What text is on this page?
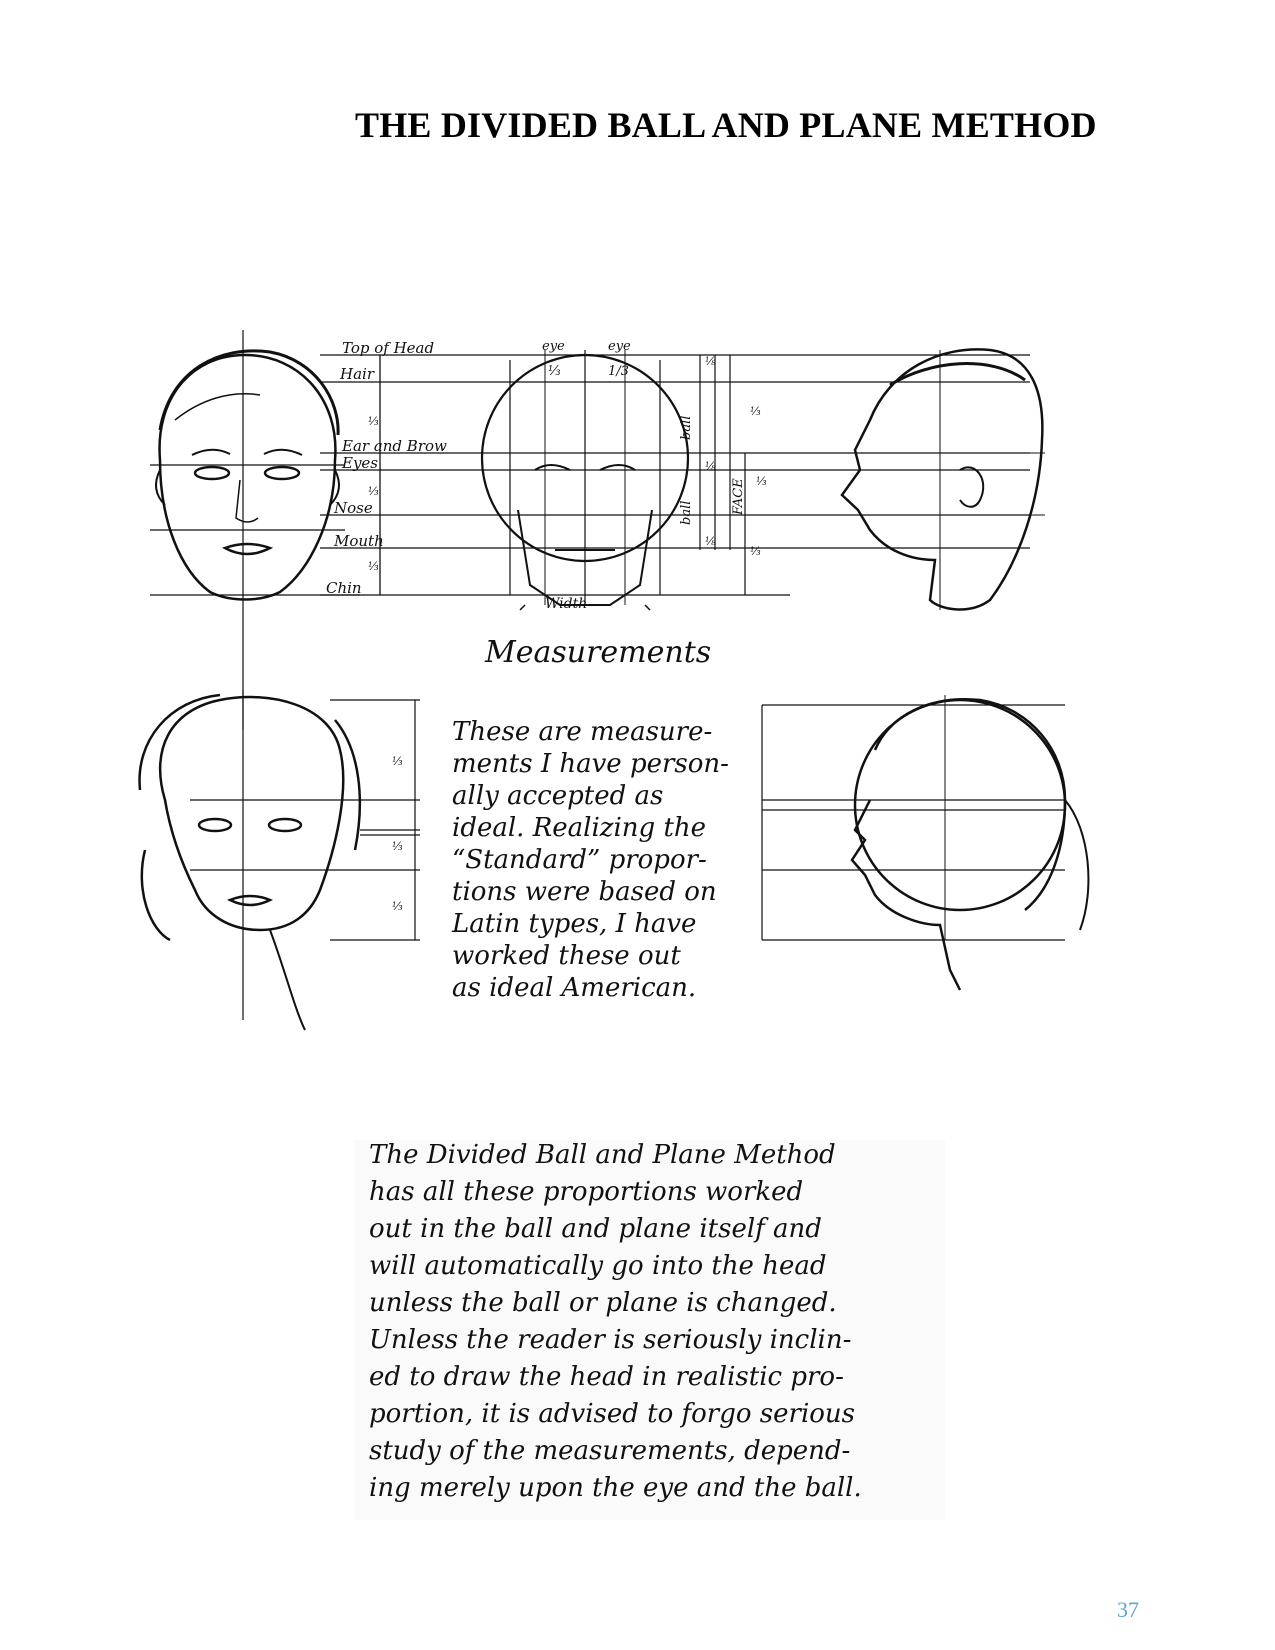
THE DIVIDED BALL AND PLANE METHOD
Top of Head
Hair
Ear and Brow
Eyes
Nose
Mouth
Chin
⅓
⅓
⅓
eye	eye
⅓	1/3
ball
ball	FACE ⅓
Width
⅓
⅓
⅛
⅛
⅛
Measurements
⅓
⅓
⅓
These are measure-
ments I have person-
ally accepted as
ideal. Realizing the
“Standard” propor-
tions were based on
Latin types, I have
worked these out
as ideal American.
The Divided Ball and Plane Method
has all these proportions worked
out in the ball and plane itself and
will automatically go into the head
unless the ball or plane is changed.
Unless the reader is seriously inclin-
ed to draw the head in realistic pro-
portion, it is advised to forgo serious
study of the measurements, depend-
ing merely upon the eye and the ball.
37
